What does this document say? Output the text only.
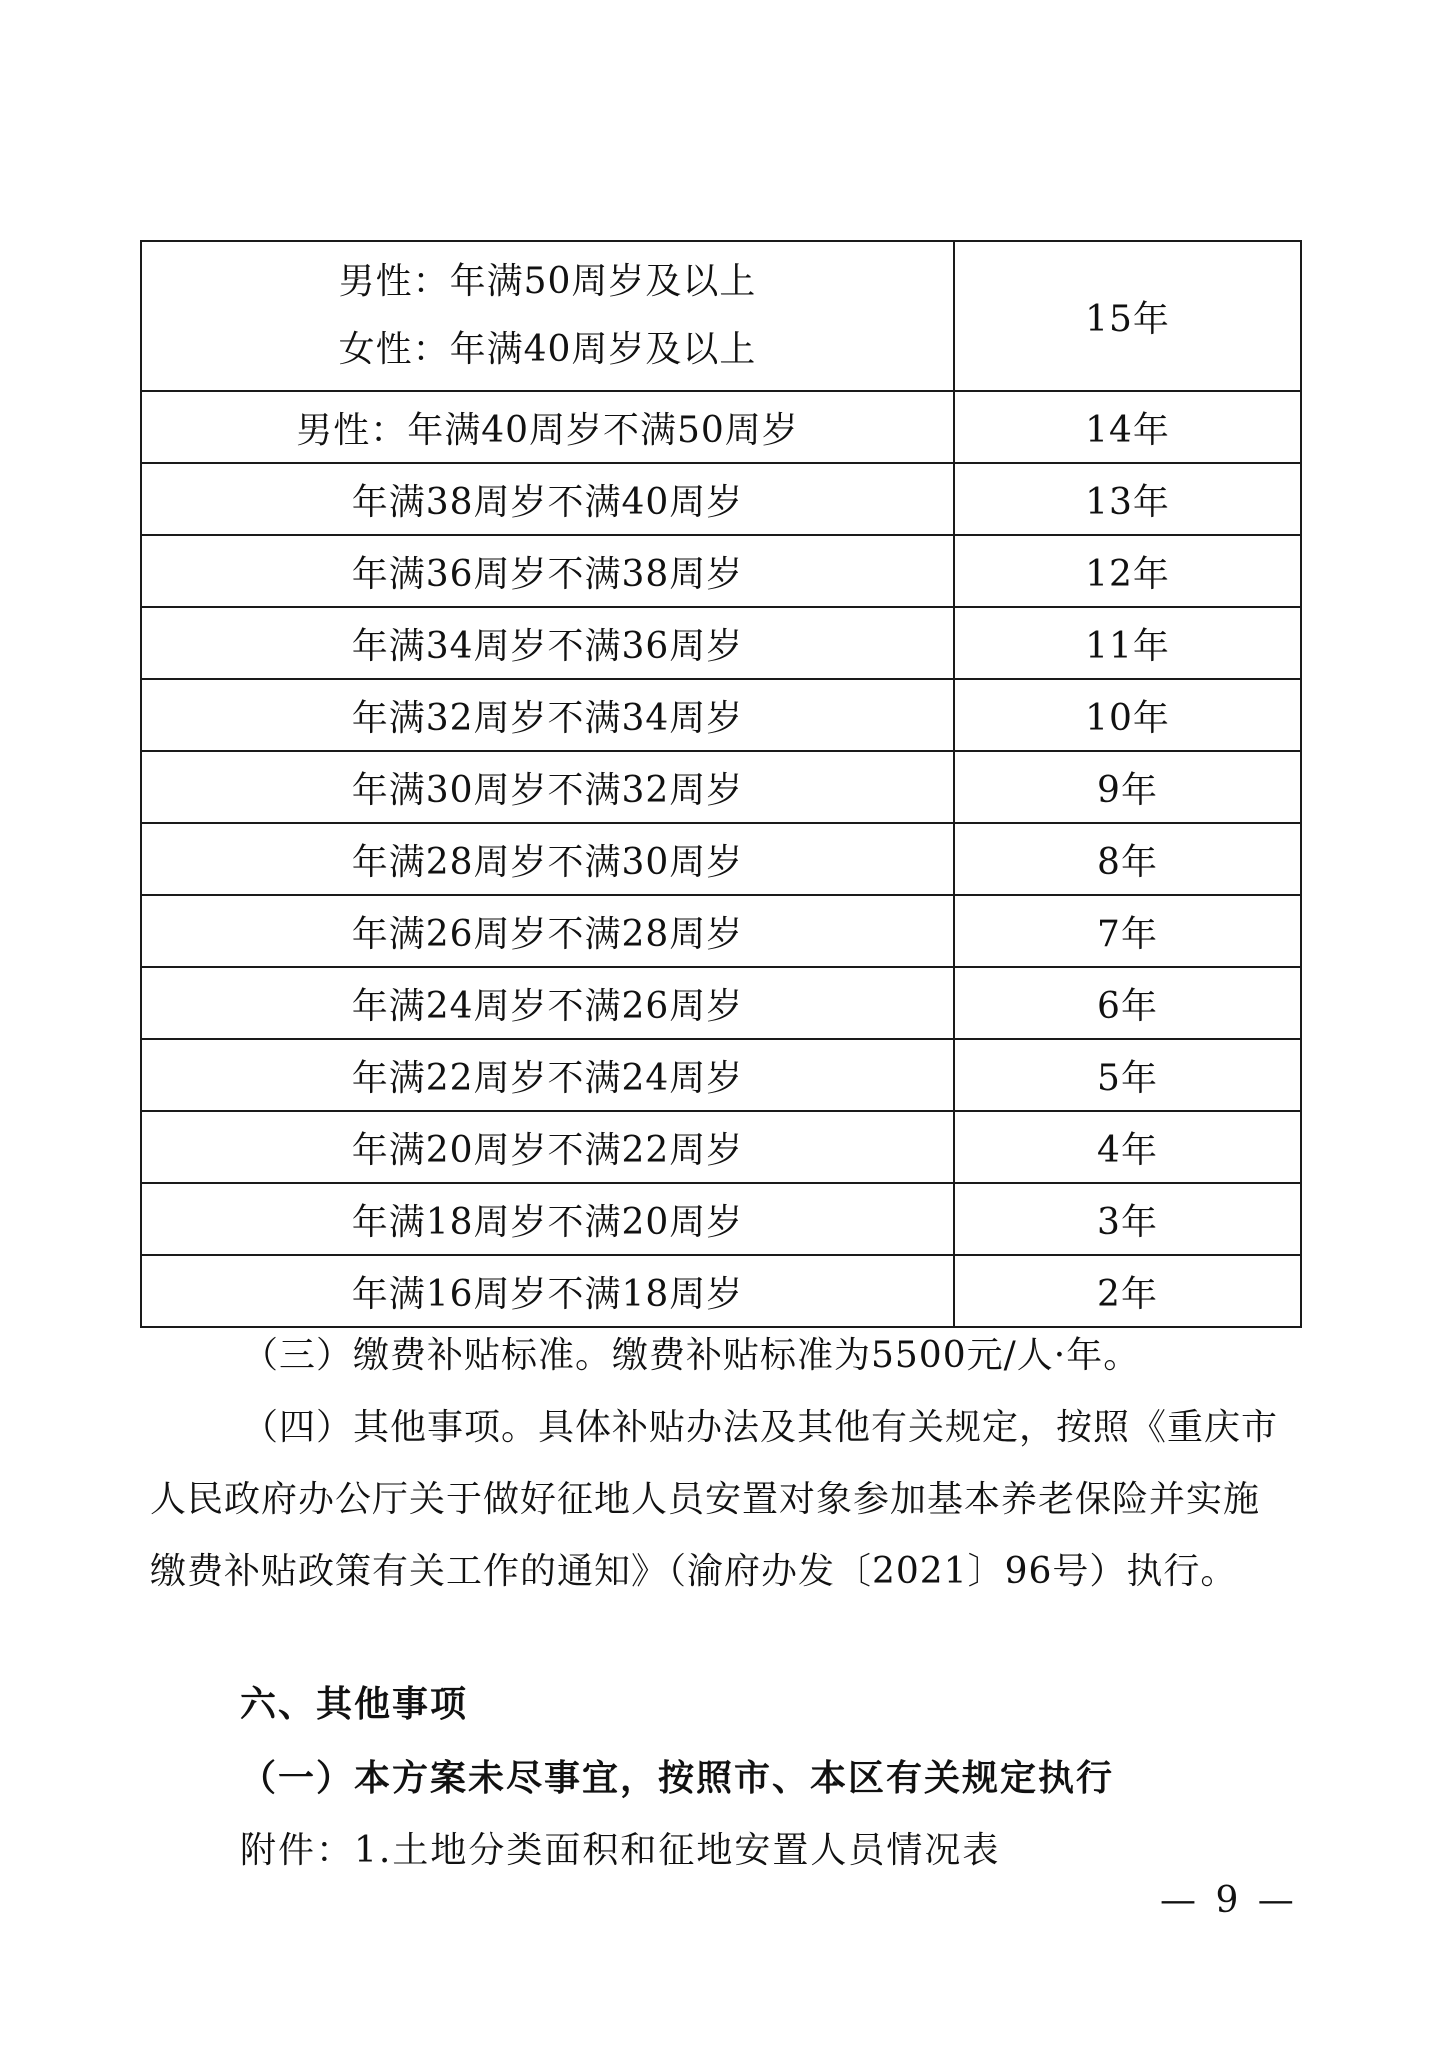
男性：年满50周岁及以上
女性：年满40周岁及以上	15年
男性：年满40周岁不满50周岁	14年
年满38周岁不满40周岁	13年
年满36周岁不满38周岁	12年
年满34周岁不满36周岁	11年
年满32周岁不满34周岁	10年
年满30周岁不满32周岁	9年
年满28周岁不满30周岁	8年
年满26周岁不满28周岁	7年
年满24周岁不满26周岁	6年
年满22周岁不满24周岁	5年
年满20周岁不满22周岁	4年
年满18周岁不满20周岁	3年
年满16周岁不满18周岁	2年

（三）缴费补贴标准。缴费补贴标准为5500元/人·年。

（四）其他事项。具体补贴办法及其他有关规定，按照《重庆市人民政府办公厅关于做好征地人员安置对象参加基本养老保险并实施缴费补贴政策有关工作的通知》（渝府办发〔2021〕96号）执行。

六、其他事项
（一）本方案未尽事宜，按照市、本区有关规定执行
附件：1.土地分类面积和征地安置人员情况表
— 9 —
